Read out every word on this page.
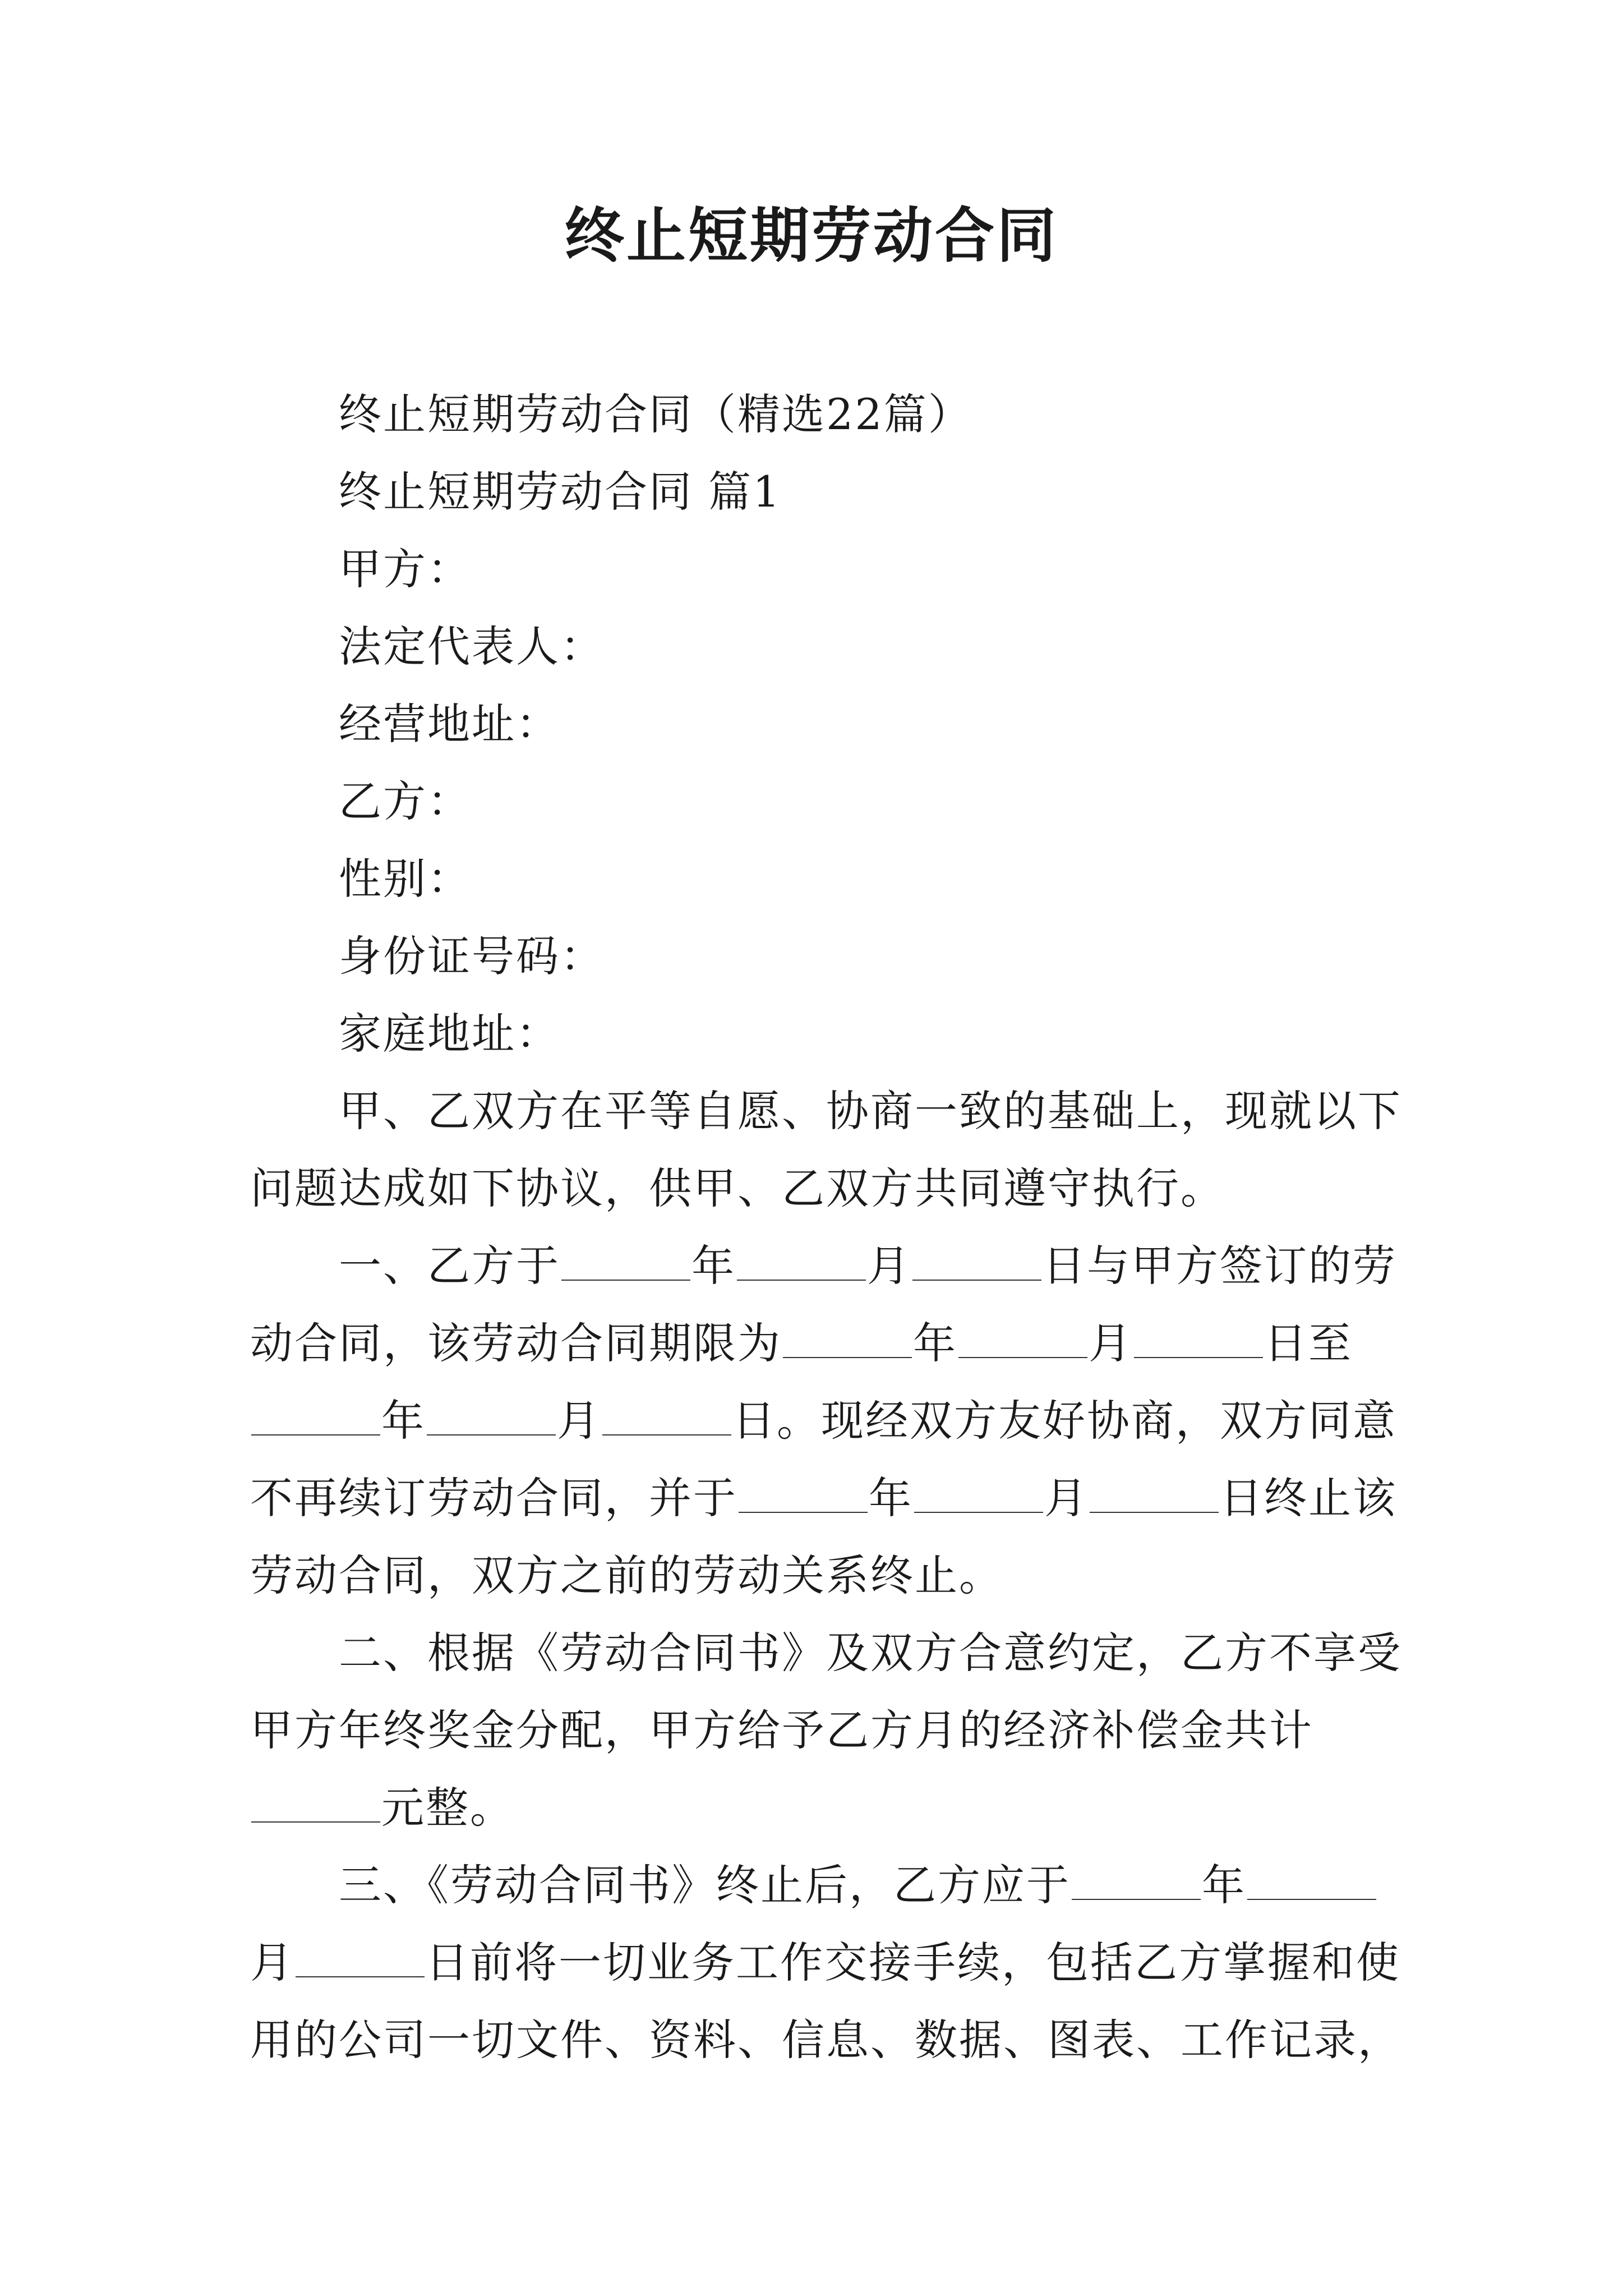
终止短期劳动合同

终止短期劳动合同（精选22篇）

终止短期劳动合同 篇1

甲方：

法定代表人：

经营地址：

乙方：

性别：

身份证号码：

家庭地址：

甲、乙双方在平等自愿、协商一致的基础上，现就以下

问题达成如下协议，供甲、乙双方共同遵守执行。

一、乙方于	年	月	日与甲方签订的劳

动合同，该劳动合同期限为	年	月	日至

年	月	日。现经双方友好协商，双方同意

不再续订劳动合同，并于	年	月	日终止该

劳动合同，双方之前的劳动关系终止。

二、根据《劳动合同书》及双方合意约定，乙方不享受

甲方年终奖金分配，甲方给予乙方月的经济补偿金共计

元整。

三、《劳动合同书》终止后，乙方应于	年

月	日前将一切业务工作交接手续，包括乙方掌握和使

用的公司一切文件、资料、信息、数据、图表、工作记录，
